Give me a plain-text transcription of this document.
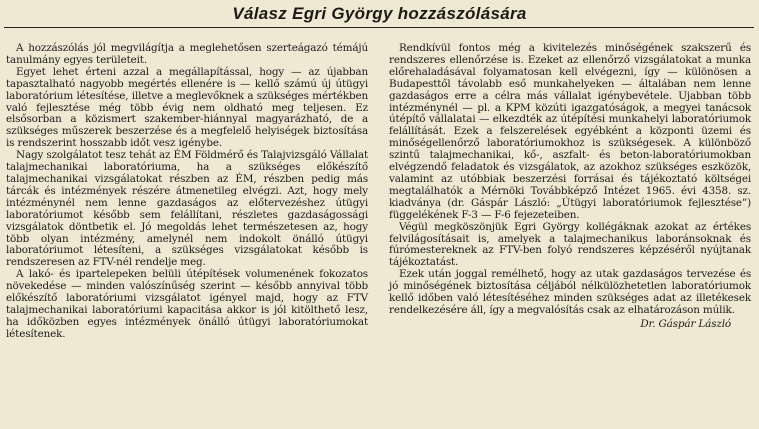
Válasz Egri György hozzászólására

A hozzászólás jól megvilágítja a meglehetősen szerteágazó témájú tanulmány egyes területeit.

Egyet lehet érteni azzal a megállapítással, hogy — az újabban tapasztalható nagyobb megértés ellenére is — kellő számú új útügyi laboratórium létesítése, illetve a meglevőknek a szükséges mértékben való fejlesztése még több évig nem oldható meg teljesen. Ez elsősorban a közismert szakember-hiánnyal magyarázható, de a szükséges műszerek beszerzése és a megfelelő helyiségek biztosítása is rendszerint hosszabb időt vesz igénybe.

Nagy szolgálatot tesz tehát az ÉM Földmérő és Talajvizsgáló Vállalat talajmechanikai laboratóriuma, ha a szükséges előkészítő talajmechanikai vizsgálatokat részben az ÉM, részben pedig más tárcák és intézmények részére átmenetileg elvégzi. Azt, hogy mely intézménynél nem lenne gazdaságos az előtervezéshez útügyi laboratóriumot később sem felállítani, részletes gazdaságossági vizsgálatok döntbetik el. Jó megoldás lehet természetesen az, hogy több olyan intézmény, amelynél nem indokolt önálló útügyi laboratóriumot létesíteni, a szükséges vizsgálatokat később is rendszeresen az FTV-nél rendelje meg.

A lakó- és ipartelepeken belüli útépítések volumenének fokozatos növekedése — minden valószínűség szerint — később annyival több előkészítő laboratóriumi vizsgálatot igényel majd, hogy az FTV talajmechanikai laboratóriumi kapacitása akkor is jól kitölthető lesz, ha időközben egyes intézmények önálló útügyi laboratóriumokat létesítenek.

Rendkívül fontos még a kivitelezés minőségének szakszerű és rendszeres ellenőrzése is. Ezeket az ellenőrző vizsgálatokat a munka előrehaladásával folyamatosan kell elvégezni, így — különösen a Budapesttől távolabb eső munkahelyeken — általában nem lenne gazdaságos erre a célra más vállalat igénybevétele. Ujabban több intézménynél — pl. a KPM közúti igazgatóságok, a megyei tanácsok útépítő vállalatai — elkezdték az útépítési munkahelyi laboratóriumok felállítását. Ezek a felszerelések egyébként a központi üzemi és minőségellenőrző laboratóriumokhoz is szükségesek. A különböző szintű talajmechanikai, kő-, aszfalt- és beton-laboratóriumokban elvégzendő feladatok és vizsgálatok, az azokhoz szükséges eszközök, valamint az utóbbiak beszerzési forrásai és tájékoztató költségei megtalálhatók a Mérnöki Továbbképző Intézet 1965. évi 4358. sz. kiadványa (dr. Gáspár László: „Útügyi laboratóriumok fejlesztése”) függelékének F-3 — F-6 fejezeteiben.

Végül megköszönjük Egri György kollégáknak azokat az értékes felvilágosításait is, amelyek a talajmechanikus laboránsoknak és fúrómestereknek az FTV-ben folyó rendszeres képzéséről nyújtanak tájékoztatást.

Ezek után joggal remélhető, hogy az utak gazdaságos tervezése és jó minőségének biztosítása céljából nélkülözhetetlen laboratóriumok kellő időben való létesítéséhez minden szükséges adat az illetékesek rendelkezésére áll, így a megvalósítás csak az elhatározáson múlik.

Dr. Gáspár László
